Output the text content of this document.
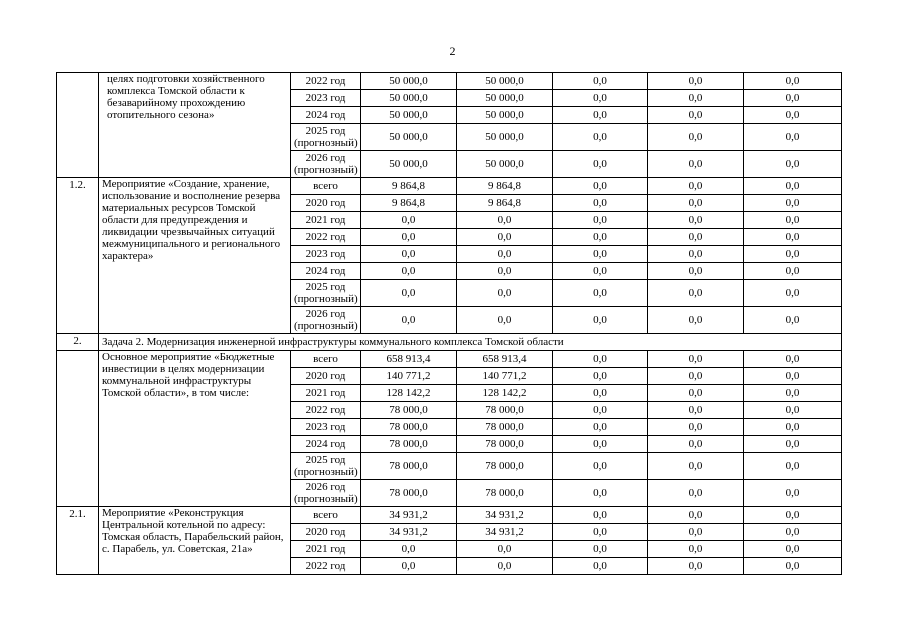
2
	целях подготовки хозяйственного комплекса Томской области к безаварийному прохождению отопительного сезона»	2022 год	50 000,0	50 000,0	0,0	0,0	0,0
		2023 год	50 000,0	50 000,0	0,0	0,0	0,0
		2024 год	50 000,0	50 000,0	0,0	0,0	0,0
		2025 год (прогнозный)	50 000,0	50 000,0	0,0	0,0	0,0
		2026 год (прогнозный)	50 000,0	50 000,0	0,0	0,0	0,0
1.2.	Мероприятие «Создание, хранение, использование и восполнение резерва материальных ресурсов Томской области для предупреждения и ликвидации чрезвычайных ситуаций межмуниципального и регионального характера»	всего	9 864,8	9 864,8	0,0	0,0	0,0
		2020 год	9 864,8	9 864,8	0,0	0,0	0,0
		2021 год	0,0	0,0	0,0	0,0	0,0
		2022 год	0,0	0,0	0,0	0,0	0,0
		2023 год	0,0	0,0	0,0	0,0	0,0
		2024 год	0,0	0,0	0,0	0,0	0,0
		2025 год (прогнозный)	0,0	0,0	0,0	0,0	0,0
		2026 год (прогнозный)	0,0	0,0	0,0	0,0	0,0
2.	Задача 2. Модернизация инженерной инфраструктуры коммунального комплекса Томской области						
	Основное мероприятие «Бюджетные инвестиции в целях модернизации коммунальной инфраструктуры Томской области», в том числе:	всего	658 913,4	658 913,4	0,0	0,0	0,0
		2020 год	140 771,2	140 771,2	0,0	0,0	0,0
		2021 год	128 142,2	128 142,2	0,0	0,0	0,0
		2022 год	78 000,0	78 000,0	0,0	0,0	0,0
		2023 год	78 000,0	78 000,0	0,0	0,0	0,0
		2024 год	78 000,0	78 000,0	0,0	0,0	0,0
		2025 год (прогнозный)	78 000,0	78 000,0	0,0	0,0	0,0
		2026 год (прогнозный)	78 000,0	78 000,0	0,0	0,0	0,0
2.1.	Мероприятие «Реконструкция Центральной котельной по адресу: Томская область, Парабельский район, с. Парабель, ул. Советская, 21а»	всего	34 931,2	34 931,2	0,0	0,0	0,0
		2020 год	34 931,2	34 931,2	0,0	0,0	0,0
		2021 год	0,0	0,0	0,0	0,0	0,0
		2022 год	0,0	0,0	0,0	0,0	0,0
